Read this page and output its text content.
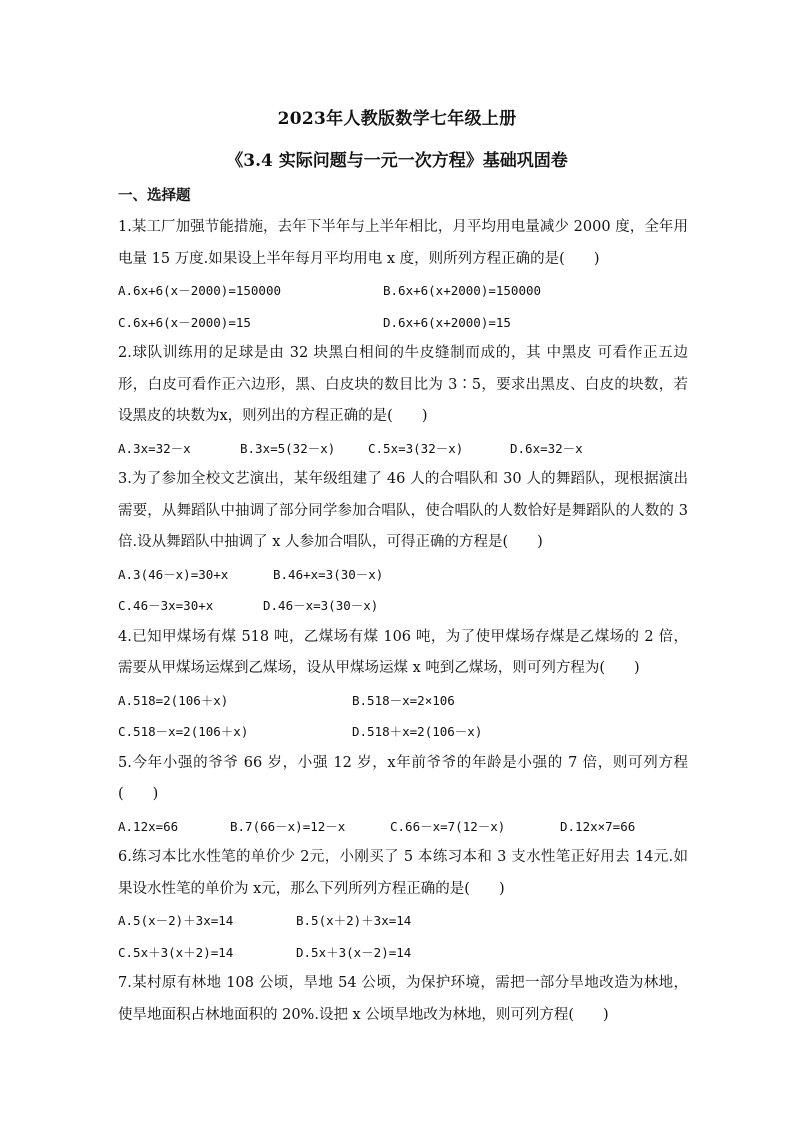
2023年人教版数学七年级上册
《3.4 实际问题与一元一次方程》基础巩固卷
一、选择题
1.某工厂加强节能措施，去年下半年与上半年相比，月平均用电量减少 2000 度，全年用电量 15 万度.如果设上半年每月平均用电 x 度，则所列方程正确的是(　　)
A.6x+6(x－2000)=150000	B.6x+6(x+2000)=150000
C.6x+6(x－2000)=15	D.6x+6(x+2000)=15
2.球队训练用的足球是由 32 块黑白相间的牛皮缝制而成的，其 中黑皮 可看作正五边形，白皮可看作正六边形，黑、白皮块的数目比为 3∶5，要求出黑皮、白皮的块数，若设黑皮的块数为x，则列出的方程正确的是(　　)
A.3x=32－x	B.3x=5(32－x)	C.5x=3(32－x)	D.6x=32－x
3.为了参加全校文艺演出，某年级组建了 46 人的合唱队和 30 人的舞蹈队，现根据演出需要，从舞蹈队中抽调了部分同学参加合唱队，使合唱队的人数恰好是舞蹈队的人数的 3 倍.设从舞蹈队中抽调了 x 人参加合唱队，可得正确的方程是(　　)
A.3(46－x)=30+x	B.46+x=3(30－x)
C.46－3x=30+x	D.46－x=3(30－x)
4.已知甲煤场有煤 518 吨，乙煤场有煤 106 吨，为了使甲煤场存煤是乙煤场的 2 倍，需要从甲煤场运煤到乙煤场，设从甲煤场运煤 x 吨到乙煤场，则可列方程为(　　)
A.518=2(106＋x)	B.518－x=2×106
C.518－x=2(106＋x)	D.518＋x=2(106－x)
5.今年小强的爷爷 66 岁，小强 12 岁，x年前爷爷的年龄是小强的 7 倍，则可列方程(　　)
A.12x=66	B.7(66－x)=12－x	C.66－x=7(12－x)	D.12x×7=66
6.练习本比水性笔的单价少 2元，小刚买了 5 本练习本和 3 支水性笔正好用去 14元.如果设水性笔的单价为 x元，那么下列所列方程正确的是(　　)
A.5(x－2)＋3x=14	B.5(x＋2)＋3x=14
C.5x＋3(x＋2)=14	D.5x＋3(x－2)=14
7.某村原有林地 108 公顷，旱地 54 公顷，为保护环境，需把一部分旱地改造为林地，使旱地面积占林地面积的 20%.设把 x 公顷旱地改为林地，则可列方程(　　)
